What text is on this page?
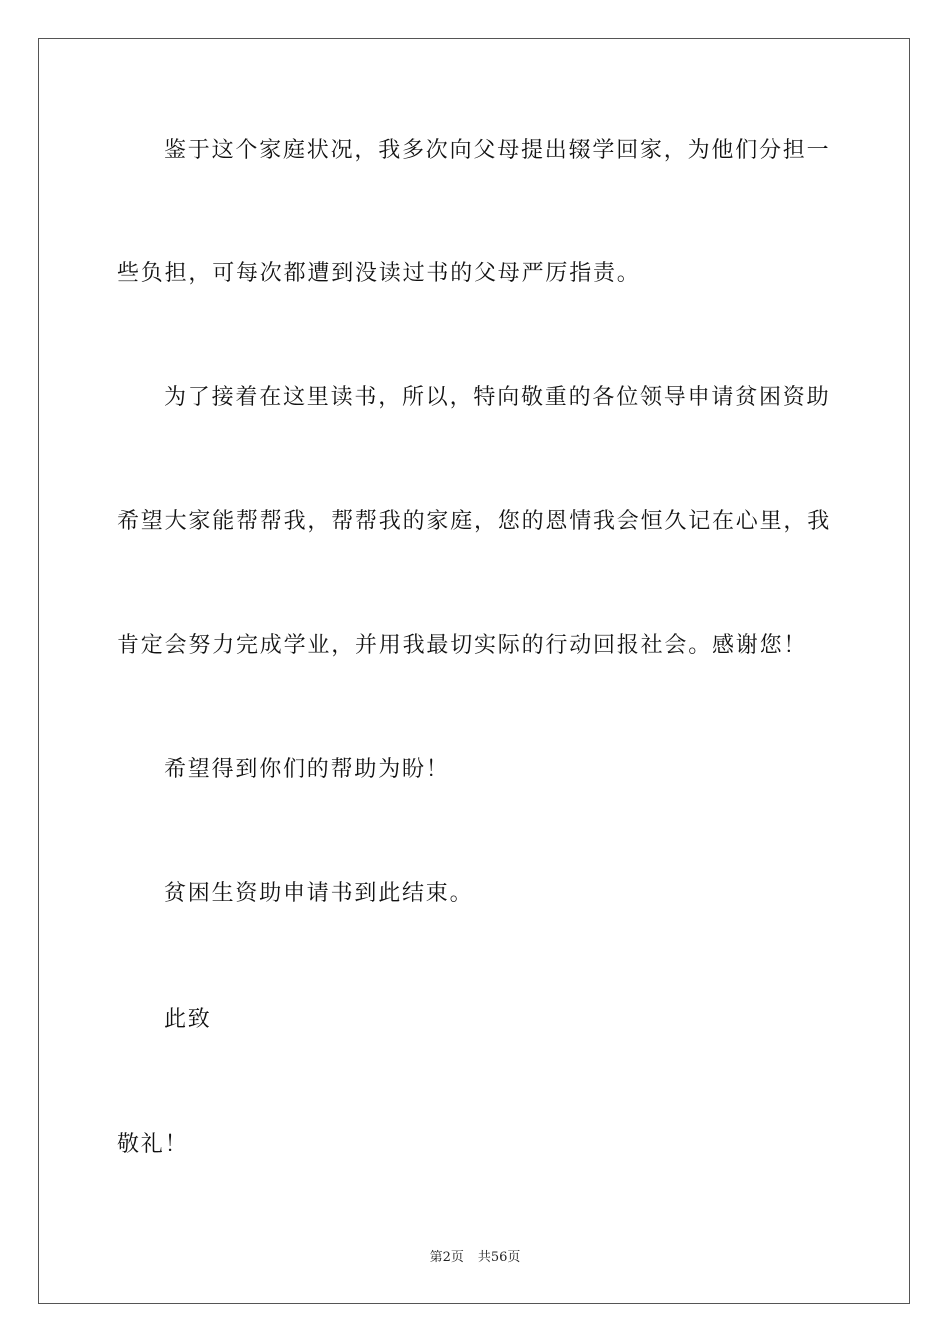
鉴于这个家庭状况，我多次向父母提出辍学回家，为他们分担一
些负担，可每次都遭到没读过书的父母严厉指责。
为了接着在这里读书，所以，特向敬重的各位领导申请贫困资助
希望大家能帮帮我，帮帮我的家庭，您的恩情我会恒久记在心里，我
肯定会努力完成学业，并用我最切实际的行动回报社会。感谢您！
希望得到你们的帮助为盼！
贫困生资助申请书到此结束。
此致
敬礼！
第2页 共56页
